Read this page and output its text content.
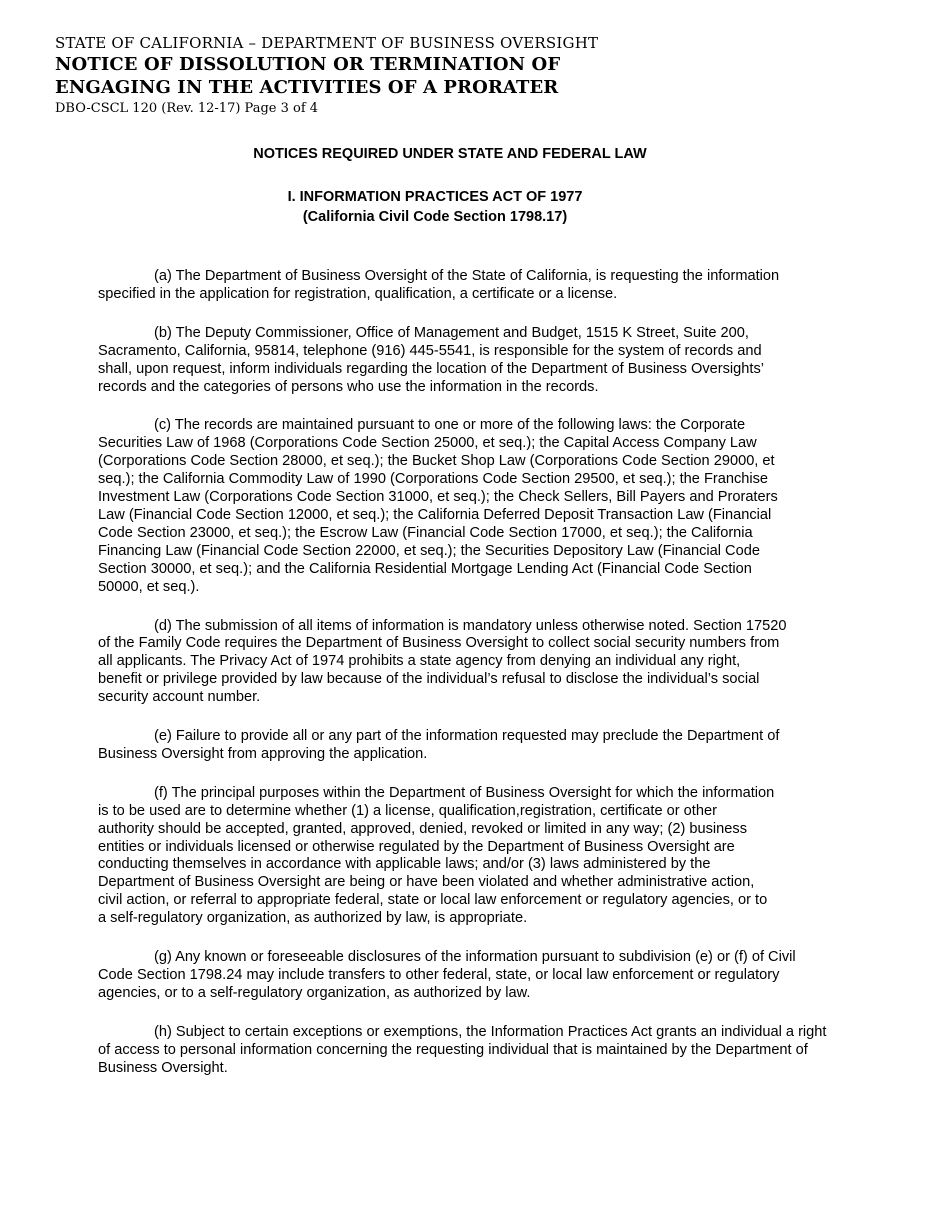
STATE OF CALIFORNIA – DEPARTMENT OF BUSINESS OVERSIGHT
NOTICE OF DISSOLUTION OR TERMINATION OF
ENGAGING IN THE ACTIVITIES OF A PRORATER
DBO-CSCL 120 (Rev. 12-17) Page 3 of 4
NOTICES REQUIRED UNDER STATE AND FEDERAL LAW
I. INFORMATION PRACTICES ACT OF 1977
(California Civil Code Section 1798.17)

(a) The Department of Business Oversight of the State of California, is requesting the information
specified in the application for registration, qualification, a certificate or a license.

(b) The Deputy Commissioner, Office of Management and Budget, 1515 K Street, Suite 200,
Sacramento, California, 95814, telephone (916) 445-5541, is responsible for the system of records and
shall, upon request, inform individuals regarding the location of the Department of Business Oversights’
records and the categories of persons who use the information in the records.

(c) The records are maintained pursuant to one or more of the following laws: the Corporate
Securities Law of 1968 (Corporations Code Section 25000, et seq.); the Capital Access Company Law
(Corporations Code Section 28000, et seq.); the Bucket Shop Law (Corporations Code Section 29000, et
seq.); the California Commodity Law of 1990 (Corporations Code Section 29500, et seq.); the Franchise
Investment Law (Corporations Code Section 31000, et seq.); the Check Sellers, Bill Payers and Proraters
Law (Financial Code Section 12000, et seq.); the California Deferred Deposit Transaction Law (Financial
Code Section 23000, et seq.); the Escrow Law (Financial Code Section 17000, et seq.); the California
Financing Law (Financial Code Section 22000, et seq.); the Securities Depository Law (Financial Code
Section 30000, et seq.); and the California Residential Mortgage Lending Act (Financial Code Section
50000, et seq.).

(d) The submission of all items of information is mandatory unless otherwise noted. Section 17520
of the Family Code requires the Department of Business Oversight to collect social security numbers from
all applicants. The Privacy Act of 1974 prohibits a state agency from denying an individual any right,
benefit or privilege provided by law because of the individual’s refusal to disclose the individual’s social
security account number.

(e) Failure to provide all or any part of the information requested may preclude the Department of
Business Oversight from approving the application.

(f) The principal purposes within the Department of Business Oversight for which the information
is to be used are to determine whether (1) a license, qualification,registration, certificate or other
authority should be accepted, granted, approved, denied, revoked or limited in any way; (2) business
entities or individuals licensed or otherwise regulated by the Department of Business Oversight are
conducting themselves in accordance with applicable laws; and/or (3) laws administered by the
Department of Business Oversight are being or have been violated and whether administrative action,
civil action, or referral to appropriate federal, state or local law enforcement or regulatory agencies, or to
a self-regulatory organization, as authorized by law, is appropriate.

(g) Any known or foreseeable disclosures of the information pursuant to subdivision (e) or (f) of Civil
Code Section 1798.24 may include transfers to other federal, state, or local law enforcement or regulatory
agencies, or to a self-regulatory organization, as authorized by law.

(h) Subject to certain exceptions or exemptions, the Information Practices Act grants an individual a right
of access to personal information concerning the requesting individual that is maintained by the Department of
Business Oversight.
